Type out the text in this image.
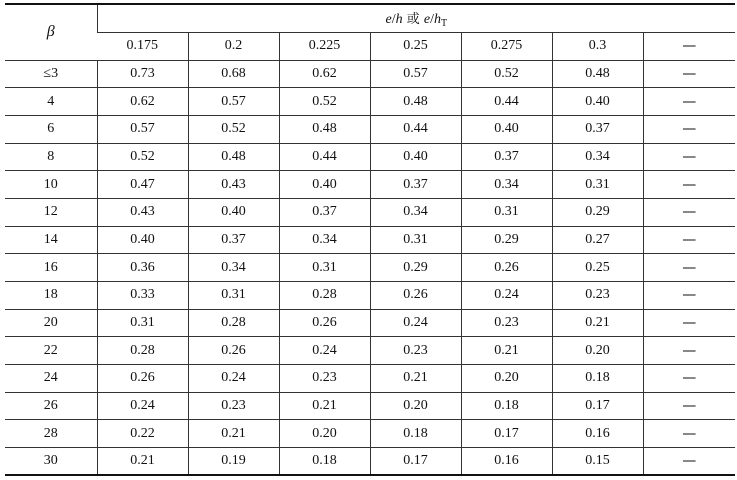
β	e/h 或 $e/h_T$
	0.175	0.2	0.225	0.25	0.275	0.3	—
≤3	0.73	0.68	0.62	0.57	0.52	0.48	—
4	0.62	0.57	0.52	0.48	0.44	0.40	—
6	0.57	0.52	0.48	0.44	0.40	0.37	—
8	0.52	0.48	0.44	0.40	0.37	0.34	—
10	0.47	0.43	0.40	0.37	0.34	0.31	—
12	0.43	0.40	0.37	0.34	0.31	0.29	—
14	0.40	0.37	0.34	0.31	0.29	0.27	—
16	0.36	0.34	0.31	0.29	0.26	0.25	—
18	0.33	0.31	0.28	0.26	0.24	0.23	—
20	0.31	0.28	0.26	0.24	0.23	0.21	—
22	0.28	0.26	0.24	0.23	0.21	0.20	—
24	0.26	0.24	0.23	0.21	0.20	0.18	—
26	0.24	0.23	0.21	0.20	0.18	0.17	—
28	0.22	0.21	0.20	0.18	0.17	0.16	—
30	0.21	0.19	0.18	0.17	0.16	0.15	—
